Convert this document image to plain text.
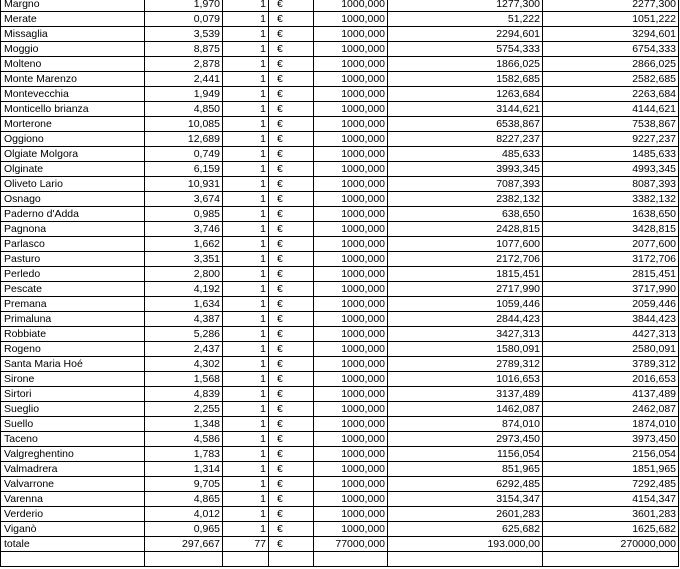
Margno	1,970	1	€	1000,000	1277,300	2277,300
Merate	0,079	1	€	1000,000	51,222	1051,222
Missaglia	3,539	1	€	1000,000	2294,601	3294,601
Moggio	8,875	1	€	1000,000	5754,333	6754,333
Molteno	2,878	1	€	1000,000	1866,025	2866,025
Monte Marenzo	2,441	1	€	1000,000	1582,685	2582,685
Montevecchia	1,949	1	€	1000,000	1263,684	2263,684
Monticello brianza	4,850	1	€	1000,000	3144,621	4144,621
Morterone	10,085	1	€	1000,000	6538,867	7538,867
Oggiono	12,689	1	€	1000,000	8227,237	9227,237
Olgiate Molgora	0,749	1	€	1000,000	485,633	1485,633
Olginate	6,159	1	€	1000,000	3993,345	4993,345
Oliveto Lario	10,931	1	€	1000,000	7087,393	8087,393
Osnago	3,674	1	€	1000,000	2382,132	3382,132
Paderno d'Adda	0,985	1	€	1000,000	638,650	1638,650
Pagnona	3,746	1	€	1000,000	2428,815	3428,815
Parlasco	1,662	1	€	1000,000	1077,600	2077,600
Pasturo	3,351	1	€	1000,000	2172,706	3172,706
Perledo	2,800	1	€	1000,000	1815,451	2815,451
Pescate	4,192	1	€	1000,000	2717,990	3717,990
Premana	1,634	1	€	1000,000	1059,446	2059,446
Primaluna	4,387	1	€	1000,000	2844,423	3844,423
Robbiate	5,286	1	€	1000,000	3427,313	4427,313
Rogeno	2,437	1	€	1000,000	1580,091	2580,091
Santa Maria Hoé	4,302	1	€	1000,000	2789,312	3789,312
Sirone	1,568	1	€	1000,000	1016,653	2016,653
Sirtori	4,839	1	€	1000,000	3137,489	4137,489
Sueglio	2,255	1	€	1000,000	1462,087	2462,087
Suello	1,348	1	€	1000,000	874,010	1874,010
Taceno	4,586	1	€	1000,000	2973,450	3973,450
Valgreghentino	1,783	1	€	1000,000	1156,054	2156,054
Valmadrera	1,314	1	€	1000,000	851,965	1851,965
Valvarrone	9,705	1	€	1000,000	6292,485	7292,485
Varenna	4,865	1	€	1000,000	3154,347	4154,347
Verderio	4,012	1	€	1000,000	2601,283	3601,283
Viganò	0,965	1	€	1000,000	625,682	1625,682
totale	297,667	77	€	77000,000	193.000,00	270000,000
